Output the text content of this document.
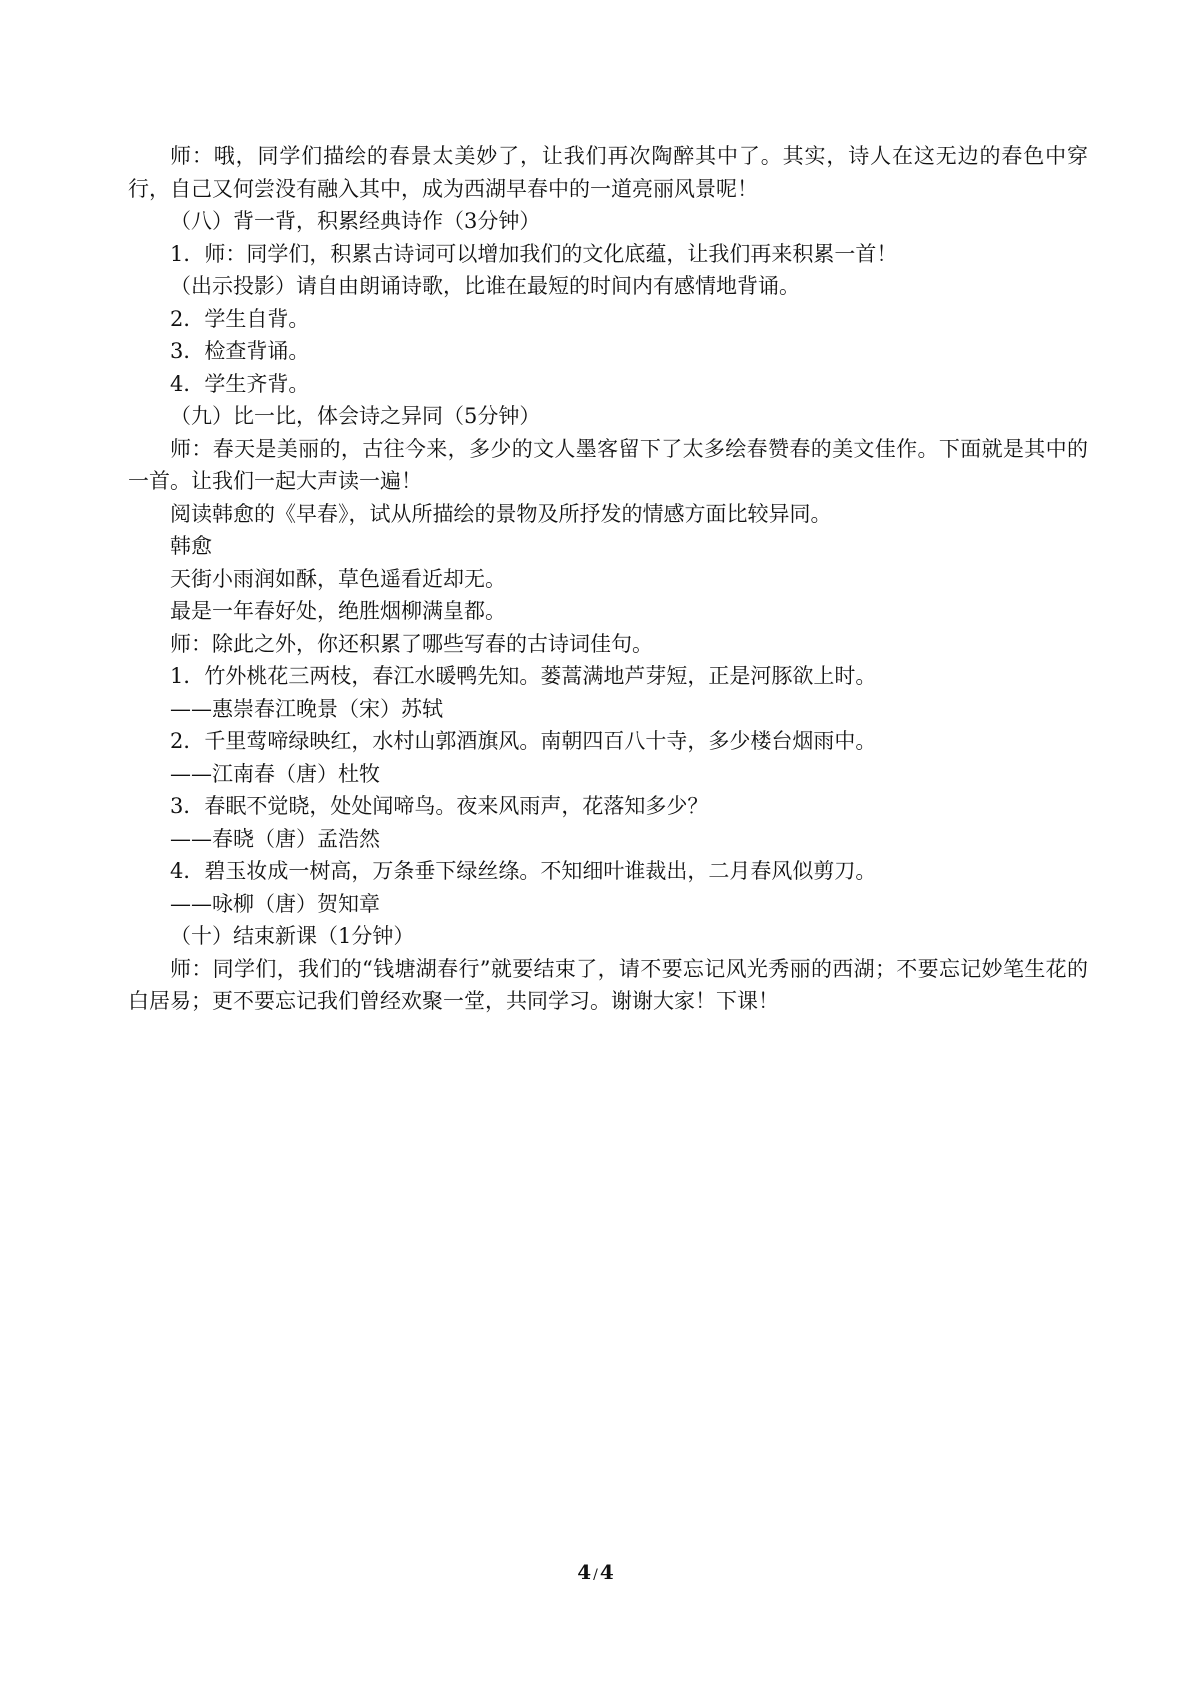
师：哦，同学们描绘的春景太美妙了，让我们再次陶醉其中了。其实，诗人在这无边的春色中穿行，自己又何尝没有融入其中，成为西湖早春中的一道亮丽风景呢！

（八）背一背，积累经典诗作（3分钟）

1．师：同学们，积累古诗词可以增加我们的文化底蕴，让我们再来积累一首！

（出示投影）请自由朗诵诗歌，比谁在最短的时间内有感情地背诵。

2．学生自背。

3．检查背诵。

4．学生齐背。

（九）比一比，体会诗之异同（5分钟）

师：春天是美丽的，古往今来，多少的文人墨客留下了太多绘春赞春的美文佳作。下面就是其中的一首。让我们一起大声读一遍！

阅读韩愈的《早春》，试从所描绘的景物及所抒发的情感方面比较异同。

韩愈

天街小雨润如酥，草色遥看近却无。

最是一年春好处，绝胜烟柳满皇都。

师：除此之外，你还积累了哪些写春的古诗词佳句。

1．竹外桃花三两枝，春江水暖鸭先知。蒌蒿满地芦芽短，正是河豚欲上时。

——惠崇春江晚景（宋）苏轼

2．千里莺啼绿映红，水村山郭酒旗风。南朝四百八十寺，多少楼台烟雨中。

——江南春（唐）杜牧

3．春眠不觉晓，处处闻啼鸟。夜来风雨声，花落知多少？

——春晓（唐）孟浩然

4．碧玉妆成一树高，万条垂下绿丝绦。不知细叶谁裁出，二月春风似剪刀。

——咏柳（唐）贺知章

（十）结束新课（1分钟）

师：同学们，我们的“钱塘湖春行”就要结束了，请不要忘记风光秀丽的西湖；不要忘记妙笔生花的白居易；更不要忘记我们曾经欢聚一堂，共同学习。谢谢大家！下课！

4 / 4
